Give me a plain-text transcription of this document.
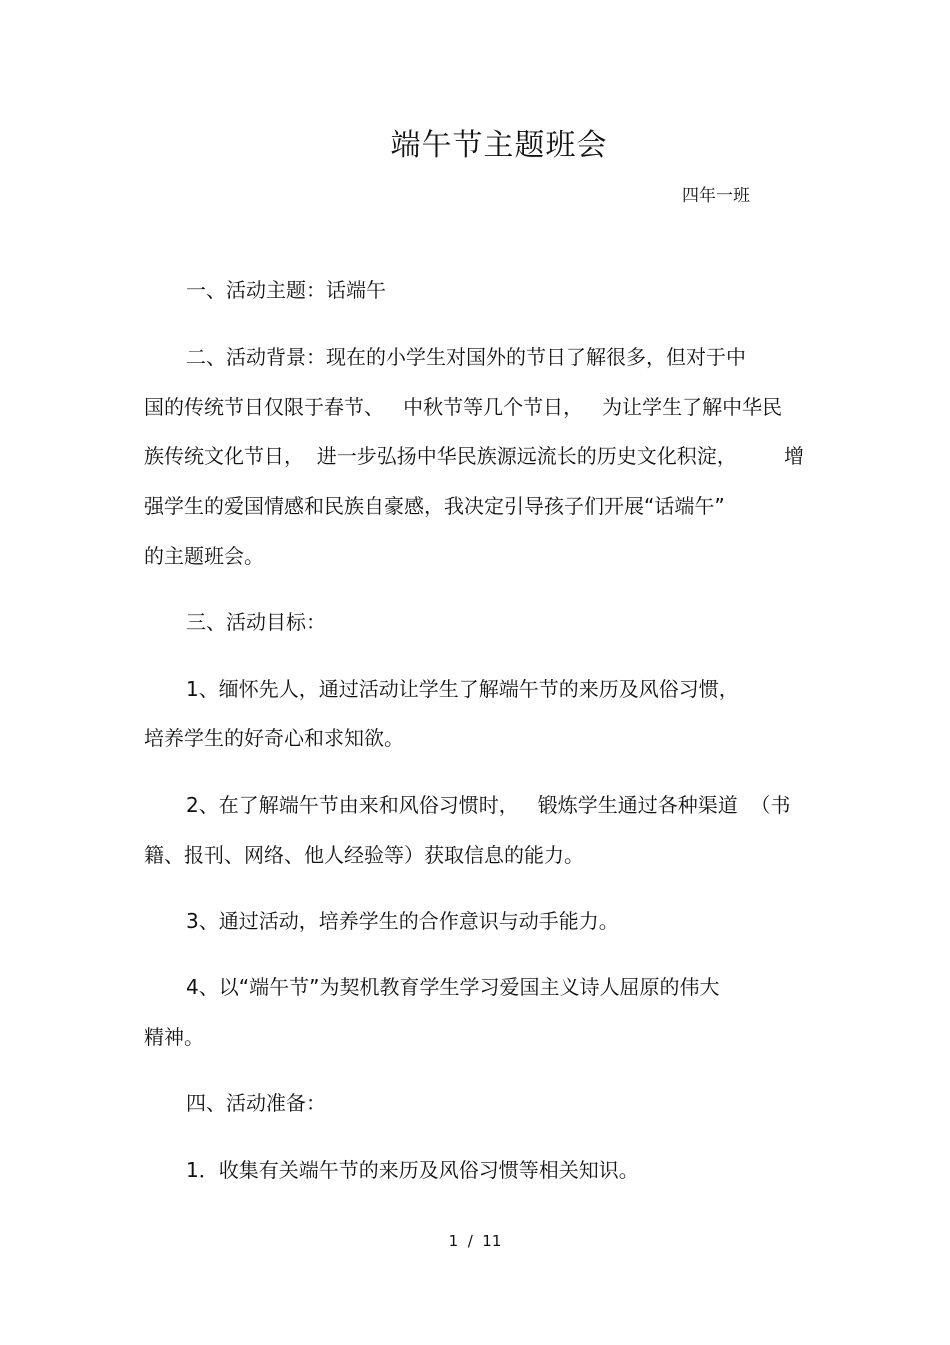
端午节主题班会
四年一班
一、活动主题：话端午
二、活动背景：现在的小学生对国外的节日了解很多，但对于中
国的传统节日仅限于春节、   中秋节等几个节日，   为让学生了解中华民
族传统文化节日，  进一步弘扬中华民族源远流长的历史文化积淀， 增
强学生的爱国情感和民族自豪感，我决定引导孩子们开展“话端午”
的主题班会。
三、活动目标：
1、缅怀先人，通过活动让学生了解端午节的来历及风俗习惯，
培养学生的好奇心和求知欲。
2、在了解端午节由来和风俗习惯时，   锻炼学生通过各种渠道  （书
籍、报刊、网络、他人经验等）获取信息的能力。
3、通过活动，培养学生的合作意识与动手能力。
4、以“端午节”为契机教育学生学习爱国主义诗人屈原的伟大
精神。
四、活动准备：
1．收集有关端午节的来历及风俗习惯等相关知识。
1  /  11
